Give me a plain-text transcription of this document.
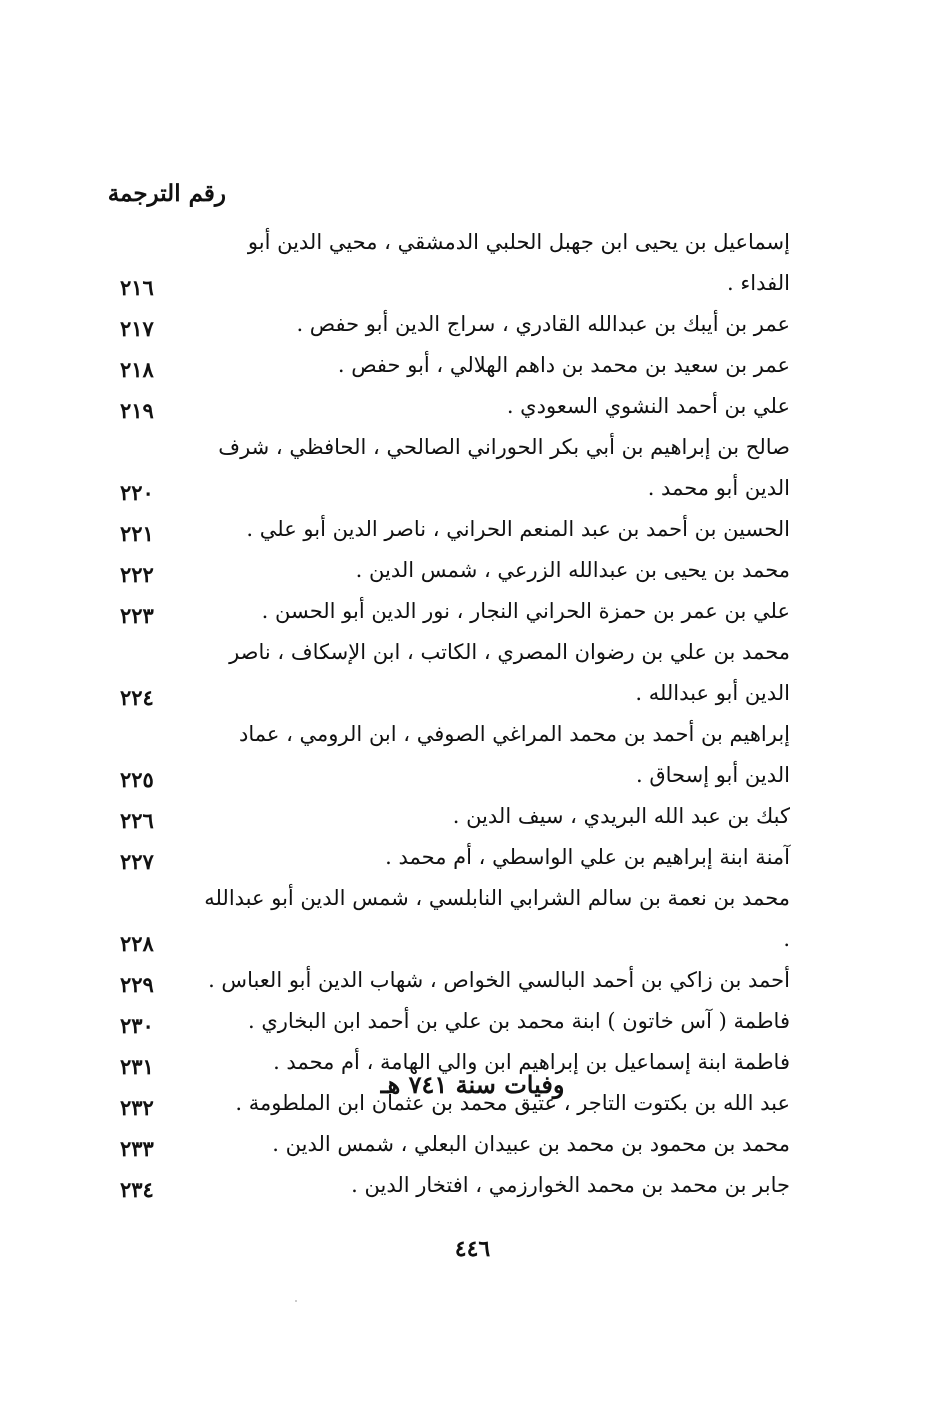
رقم الترجمة
إسماعيل بن يحيى ابن جهبل الحلبي الدمشقي ، محيي الدين أبو الفداء .
٢١٦
عمر بن أيبك بن عبدالله القادري ، سراج الدين أبو حفص .
٢١٧
عمر بن سعيد بن محمد بن داهم الهلالي ، أبو حفص .
٢١٨
علي بن أحمد النشوي السعودي .
٢١٩
صالح بن إبراهيم بن أبي بكر الحوراني الصالحي ، الحافظي ، شرف الدين أبو محمد .
٢٢٠
الحسين بن أحمد بن عبد المنعم الحراني ، ناصر الدين أبو علي .
٢٢١
محمد بن يحيى بن عبدالله الزرعي ، شمس الدين .
٢٢٢
علي بن عمر بن حمزة الحراني النجار ، نور الدين أبو الحسن .
٢٢٣
محمد بن علي بن رضوان المصري ، الكاتب ، ابن الإسكاف ، ناصر الدين أبو عبدالله .
٢٢٤
إبراهيم بن أحمد بن محمد المراغي الصوفي ، ابن الرومي ، عماد الدين أبو إسحاق .
٢٢٥
كبك بن عبد الله البريدي ، سيف الدين .
٢٢٦
آمنة ابنة إبراهيم بن علي الواسطي ، أم محمد .
٢٢٧
محمد بن نعمة بن سالم الشرابي النابلسي ، شمس الدين أبو عبدالله .
٢٢٨
أحمد بن زاكي بن أحمد البالسي الخواص ، شهاب الدين أبو العباس .
٢٢٩
فاطمة ( آس خاتون ) ابنة محمد بن علي بن أحمد ابن البخاري .
٢٣٠
فاطمة ابنة إسماعيل بن إبراهيم ابن والي الهامة ، أم محمد .
٢٣١
عبد الله بن بكتوت التاجر ، عتيق محمد بن عثمان ابن الملطومة .
٢٣٢
وفيات سنة ٧٤١ هـ
محمد بن محمود بن محمد بن عبيدان البعلي ، شمس الدين .
٢٣٣
جابر بن محمد بن محمد الخوارزمي ، افتخار الدين .
٢٣٤
٤٤٦
